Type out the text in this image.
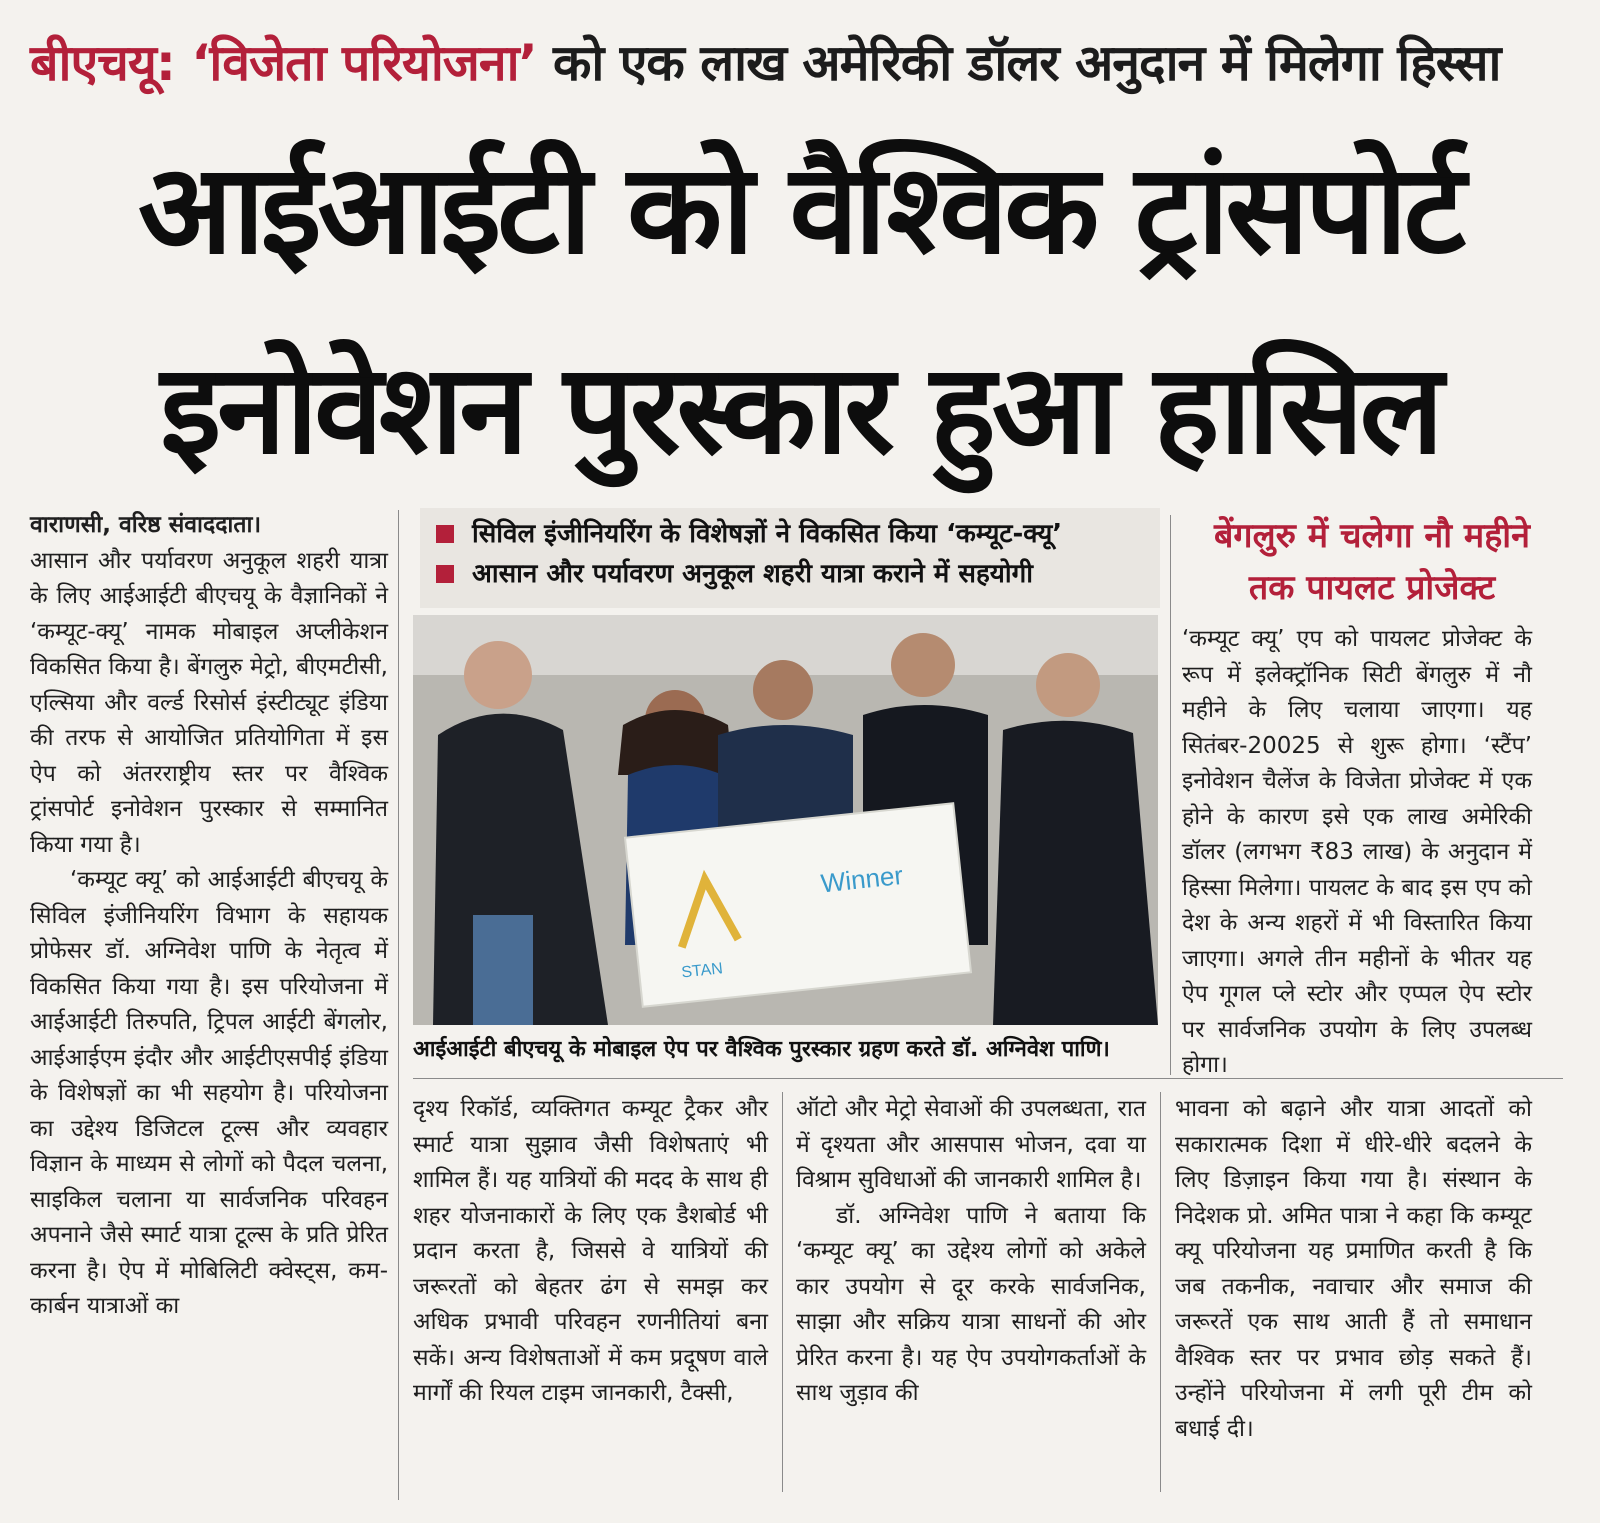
बीएचयू: ‘विजेता परियोजना’ को एक लाख अमेरिकी डॉलर अनुदान में मिलेगा हिस्सा
आईआईटी को वैश्विक ट्रांसपोर्ट
इनोवेशन पुरस्कार हुआ हासिल
वाराणसी, वरिष्ठ संवाददाता।

आसान और पर्यावरण अनुकूल शहरी यात्रा के लिए आईआईटी बीएचयू के वैज्ञानिकों ने ‘कम्यूट-क्यू’ नामक मोबाइल अप्लीकेशन विकसित किया है। बेंगलुरु मेट्रो, बीएमटीसी, एल्सिया और वर्ल्ड रिसोर्स इंस्टीट्यूट इंडिया की तरफ से आयोजित प्रतियोगिता में इस ऐप को अंतरराष्ट्रीय स्तर पर वैश्विक ट्रांसपोर्ट इनोवेशन पुरस्कार से सम्मानित किया गया है।

‘कम्यूट क्यू’ को आईआईटी बीएचयू के सिविल इंजीनियरिंग विभाग के सहायक प्रोफेसर डॉ. अग्निवेश पाणि के नेतृत्व में विकसित किया गया है। इस परियोजना में आईआईटी तिरुपति, ट्रिपल आईटी बेंगलोर, आईआईएम इंदौर और आईटीएसपीई इंडिया के विशेषज्ञों का भी सहयोग है। परियोजना का उद्देश्य डिजिटल टूल्स और व्यवहार विज्ञान के माध्यम से लोगों को पैदल चलना, साइकिल चलाना या सार्वजनिक परिवहन अपनाने जैसे स्मार्ट यात्रा टूल्स के प्रति प्रेरित करना है। ऐप में मोबिलिटी क्वेस्ट्स, कम-कार्बन यात्राओं का

सिविल इंजीनियरिंग के विशेषज्ञों ने विकसित किया ‘कम्यूट-क्यू’
आसान और पर्यावरण अनुकूल शहरी यात्रा कराने में सहयोगी
Winner
STAN
आईआईटी बीएचयू के मोबाइल ऐप पर वैश्विक पुरस्कार ग्रहण करते डॉ. अग्निवेश पाणि।
बेंगलुरु में चलेगा नौ महीने
तक पायलट प्रोजेक्ट
‘कम्यूट क्यू’ एप को पायलट प्रोजेक्ट के रूप में इलेक्ट्रॉनिक सिटी बेंगलुरु में नौ महीने के लिए चलाया जाएगा। यह सितंबर-20025 से शुरू होगा। ‘स्टैंप’ इनोवेशन चैलेंज के विजेता प्रोजेक्ट में एक होने के कारण इसे एक लाख अमेरिकी डॉलर (लगभग ₹83 लाख) के अनुदान में हिस्सा मिलेगा। पायलट के बाद इस एप को देश के अन्य शहरों में भी विस्तारित किया जाएगा। अगले तीन महीनों के भीतर यह ऐप गूगल प्ले स्टोर और एप्पल ऐप स्टोर पर सार्वजनिक उपयोग के लिए उपलब्ध होगा।
दृश्य रिकॉर्ड, व्यक्तिगत कम्यूट ट्रैकर और स्मार्ट यात्रा सुझाव जैसी विशेषताएं भी शामिल हैं। यह यात्रियों की मदद के साथ ही शहर योजनाकारों के लिए एक डैशबोर्ड भी प्रदान करता है, जिससे वे यात्रियों की जरूरतों को बेहतर ढंग से समझ कर अधिक प्रभावी परिवहन रणनीतियां बना सकें। अन्य विशेषताओं में कम प्रदूषण वाले मार्गों की रियल टाइम जानकारी, टैक्सी,

ऑटो और मेट्रो सेवाओं की उपलब्धता, रात में दृश्यता और आसपास भोजन, दवा या विश्राम सुविधाओं की जानकारी शामिल है।

डॉ. अग्निवेश पाणि ने बताया कि ‘कम्यूट क्यू’ का उद्देश्य लोगों को अकेले कार उपयोग से दूर करके सार्वजनिक, साझा और सक्रिय यात्रा साधनों की ओर प्रेरित करना है। यह ऐप उपयोगकर्ताओं के साथ जुड़ाव की

भावना को बढ़ाने और यात्रा आदतों को सकारात्मक दिशा में धीरे-धीरे बदलने के लिए डिज़ाइन किया गया है। संस्थान के निदेशक प्रो. अमित पात्रा ने कहा कि कम्यूट क्यू परियोजना यह प्रमाणित करती है कि जब तकनीक, नवाचार और समाज की जरूरतें एक साथ आती हैं तो समाधान वैश्विक स्तर पर प्रभाव छोड़ सकते हैं। उन्होंने परियोजना में लगी पूरी टीम को बधाई दी।
